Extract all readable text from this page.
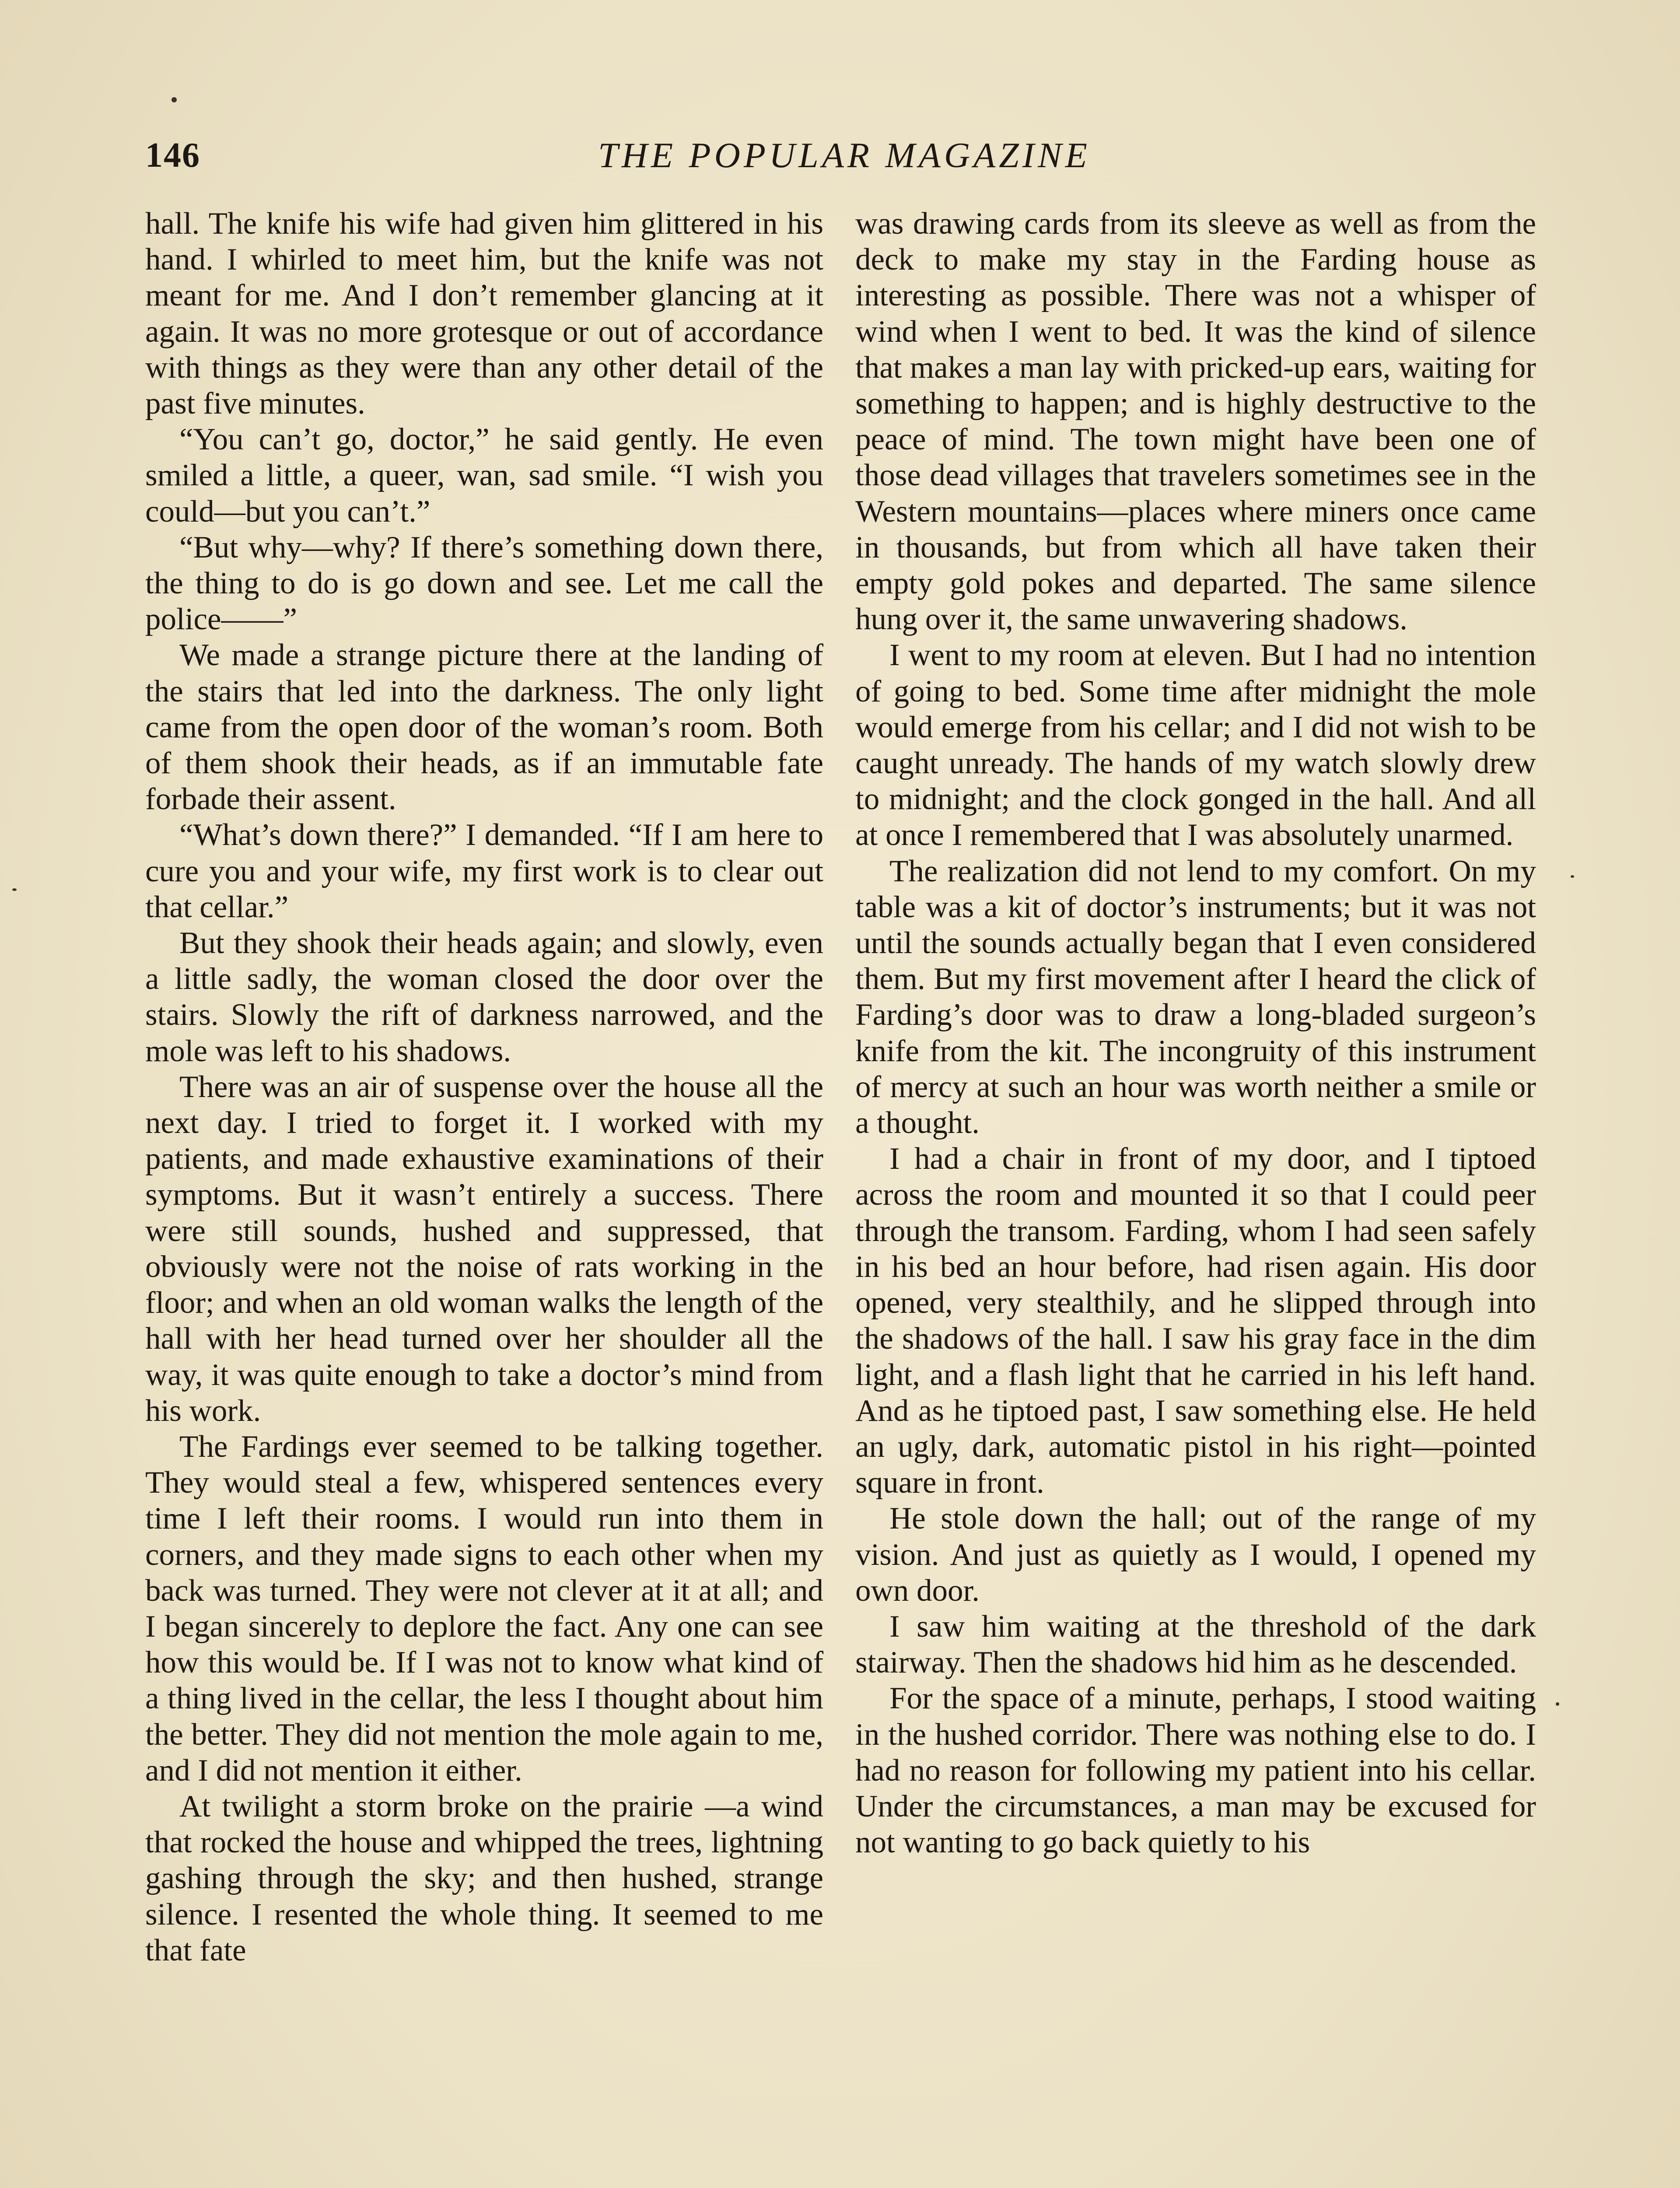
146	THE POPULAR MAGAZINE

hall. The knife his wife had given him glittered in his hand. I whirled to meet him, but the knife was not meant for me. And I don’t remember glancing at it again. It was no more grotesque or out of accordance with things as they were than any other detail of the past five minutes.

“You can’t go, doctor,” he said gently. He even smiled a little, a queer, wan, sad smile. “I wish you could—but you can’t.”

“But why—why? If there’s something down there, the thing to do is go down and see. Let me call the police——”

We made a strange picture there at the landing of the stairs that led into the darkness. The only light came from the open door of the woman’s room. Both of them shook their heads, as if an immutable fate forbade their assent.

“What’s down there?” I demanded. “If I am here to cure you and your wife, my first work is to clear out that cellar.”

But they shook their heads again; and slowly, even a little sadly, the woman closed the door over the stairs. Slowly the rift of darkness narrowed, and the mole was left to his shadows.

There was an air of suspense over the house all the next day. I tried to forget it. I worked with my patients, and made exhaustive examinations of their symptoms. But it wasn’t entirely a success. There were still sounds, hushed and suppressed, that obviously were not the noise of rats working in the floor; and when an old woman walks the length of the hall with her head turned over her shoulder all the way, it was quite enough to take a doctor’s mind from his work.

The Fardings ever seemed to be talking together. They would steal a few, whispered sentences every time I left their rooms. I would run into them in corners, and they made signs to each other when my back was turned. They were not clever at it at all; and I began sincerely to deplore the fact. Any one can see how this would be. If I was not to know what kind of a thing lived in the cellar, the less I thought about him the better. They did not mention the mole again to me, and I did not mention it either.

At twilight a storm broke on the prairie —a wind that rocked the house and whipped the trees, lightning gashing through the sky; and then hushed, strange silence. I resented the whole thing. It seemed to me that fate

was drawing cards from its sleeve as well as from the deck to make my stay in the Farding house as interesting as possible. There was not a whisper of wind when I went to bed. It was the kind of silence that makes a man lay with pricked-up ears, waiting for something to happen; and is highly destructive to the peace of mind. The town might have been one of those dead villages that travelers sometimes see in the Western mountains—places where miners once came in thousands, but from which all have taken their empty gold pokes and departed. The same silence hung over it, the same unwavering shadows.

I went to my room at eleven. But I had no intention of going to bed. Some time after midnight the mole would emerge from his cellar; and I did not wish to be caught unready. The hands of my watch slowly drew to midnight; and the clock gonged in the hall. And all at once I remembered that I was absolutely unarmed.

The realization did not lend to my comfort. On my table was a kit of doctor’s instruments; but it was not until the sounds actually began that I even considered them. But my first movement after I heard the click of Farding’s door was to draw a long-bladed surgeon’s knife from the kit. The incongruity of this instrument of mercy at such an hour was worth neither a smile or a thought.

I had a chair in front of my door, and I tiptoed across the room and mounted it so that I could peer through the transom. Farding, whom I had seen safely in his bed an hour before, had risen again. His door opened, very stealthily, and he slipped through into the shadows of the hall. I saw his gray face in the dim light, and a flash light that he carried in his left hand. And as he tiptoed past, I saw something else. He held an ugly, dark, automatic pistol in his right—pointed square in front.

He stole down the hall; out of the range of my vision. And just as quietly as I would, I opened my own door.

I saw him waiting at the threshold of the dark stairway. Then the shadows hid him as he descended.

For the space of a minute, perhaps, I stood waiting in the hushed corridor. There was nothing else to do. I had no reason for following my patient into his cellar. Under the circumstances, a man may be excused for not wanting to go back quietly to his
